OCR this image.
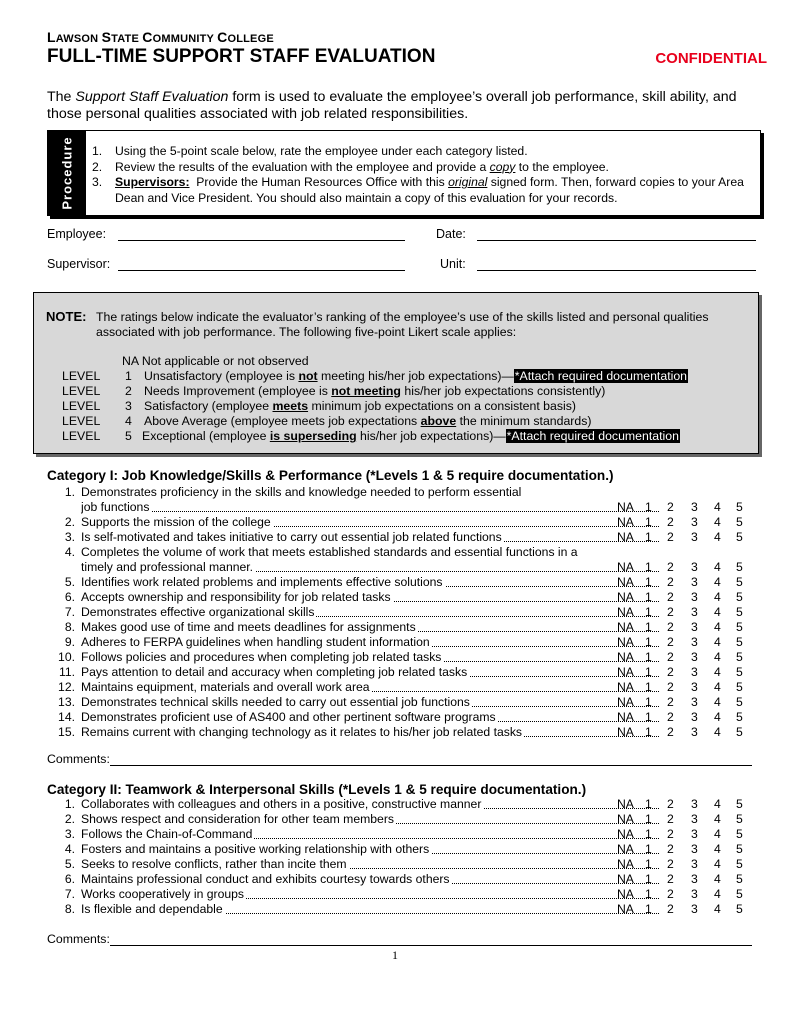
LAWSON STATE COMMUNITY COLLEGE
FULL-TIME SUPPORT STAFF EVALUATION	CONFIDENTIAL
The Support Staff Evaluation form is used to evaluate the employee’s overall job performance, skill ability, and those personal qualities associated with job related responsibilities.
Procedure 1.	Using the 5-point scale below, rate the employee under each category listed.
2.	Review the results of the evaluation with the employee and provide a copy to the employee.
3.	Supervisors:  Provide the Human Resources Office with this original signed form. Then, forward copies to your Area Dean and Vice President. You should also maintain a copy of this evaluation for your records.
Employee:	Date:
Supervisor:	Unit:
NOTE: The ratings below indicate the evaluator’s ranking of the employee’s use of the skills listed and personal qualities associated with job performance. The following five-point Likert scale applies:
NA Not applicable or not observed
LEVEL 1 Unsatisfactory (employee is not meeting his/her job expectations)—*Attach required documentation
LEVEL 2 Needs Improvement (employee is not meeting his/her job expectations consistently)
LEVEL 3 Satisfactory (employee meets minimum job expectations on a consistent basis)
LEVEL 4 Above Average (employee meets job expectations above the minimum standards)
LEVEL 5 Exceptional (employee is superseding his/her job expectations)—*Attach required documentation
Category I: Job Knowledge/Skills & Performance (*Levels 1 & 5 require documentation.)
1. Demonstrates proficiency in the skills and knowledge needed to perform essential
job functions	NA 1 2 3 4 5
2. Supports the mission of the college	NA 1 2 3 4 5
3. Is self-motivated and takes initiative to carry out essential job related functions	NA 1 2 3 4 5
4. Completes the volume of work that meets established standards and essential functions in a
timely and professional manner.	NA 1 2 3 4 5
5. Identifies work related problems and implements effective solutions	NA 1 2 3 4 5
6. Accepts ownership and responsibility for job related tasks	NA 1 2 3 4 5
7. Demonstrates effective organizational skills	NA 1 2 3 4 5
8. Makes good use of time and meets deadlines for assignments	NA 1 2 3 4 5
9. Adheres to FERPA guidelines when handling student information	NA 1 2 3 4 5
10. Follows policies and procedures when completing job related tasks	NA 1 2 3 4 5
11. Pays attention to detail and accuracy when completing job related tasks	NA 1 2 3 4 5
12. Maintains equipment, materials and overall work area	NA 1 2 3 4 5
13. Demonstrates technical skills needed to carry out essential job functions	NA 1 2 3 4 5
14. Demonstrates proficient use of AS400 and other pertinent software programs	NA 1 2 3 4 5
15. Remains current with changing technology as it relates to his/her job related tasks	NA 1 2 3 4 5
Comments:
Category II: Teamwork & Interpersonal Skills (*Levels 1 & 5 require documentation.)
1. Collaborates with colleagues and others in a positive, constructive manner	NA 1 2 3 4 5
2. Shows respect and consideration for other team members	NA 1 2 3 4 5
3. Follows the Chain-of-Command	NA 1 2 3 4 5
4. Fosters and maintains a positive working relationship with others	NA 1 2 3 4 5
5. Seeks to resolve conflicts, rather than incite them	NA 1 2 3 4 5
6. Maintains professional conduct and exhibits courtesy towards others	NA 1 2 3 4 5
7. Works cooperatively in groups	NA 1 2 3 4 5
8. Is flexible and dependable	NA 1 2 3 4 5
Comments:
1
